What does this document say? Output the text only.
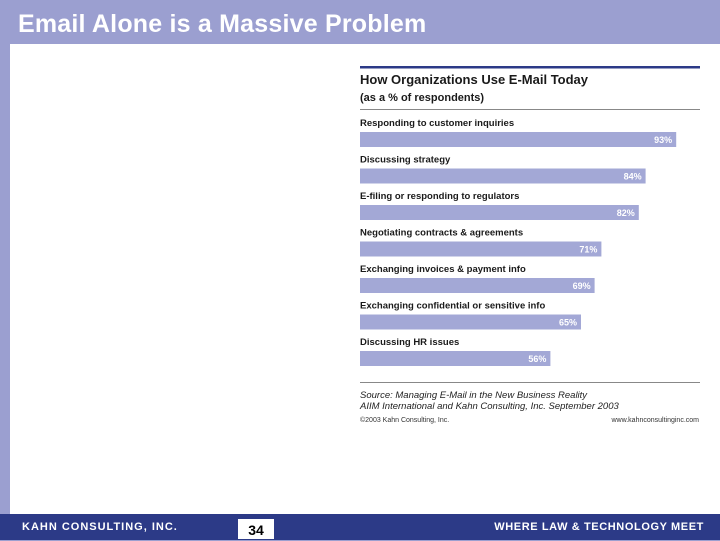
Email Alone is a Massive Problem
How Organizations Use E-Mail Today
(as a % of respondents)
Responding to customer inquiries
93%
Discussing strategy
84%
E-filing or responding to regulators
82%
Negotiating contracts & agreements
71%
Exchanging invoices & payment info
69%
Exchanging confidential or sensitive info
65%
Discussing HR issues
56%
Source: Managing E-Mail in the New Business Reality
AIIM International and Kahn Consulting, Inc. September 2003
©2003 Kahn Consulting, Inc.	www.kahnconsultinginc.com
KAHN CONSULTING, INC.	34	WHERE LAW & TECHNOLOGY MEET
